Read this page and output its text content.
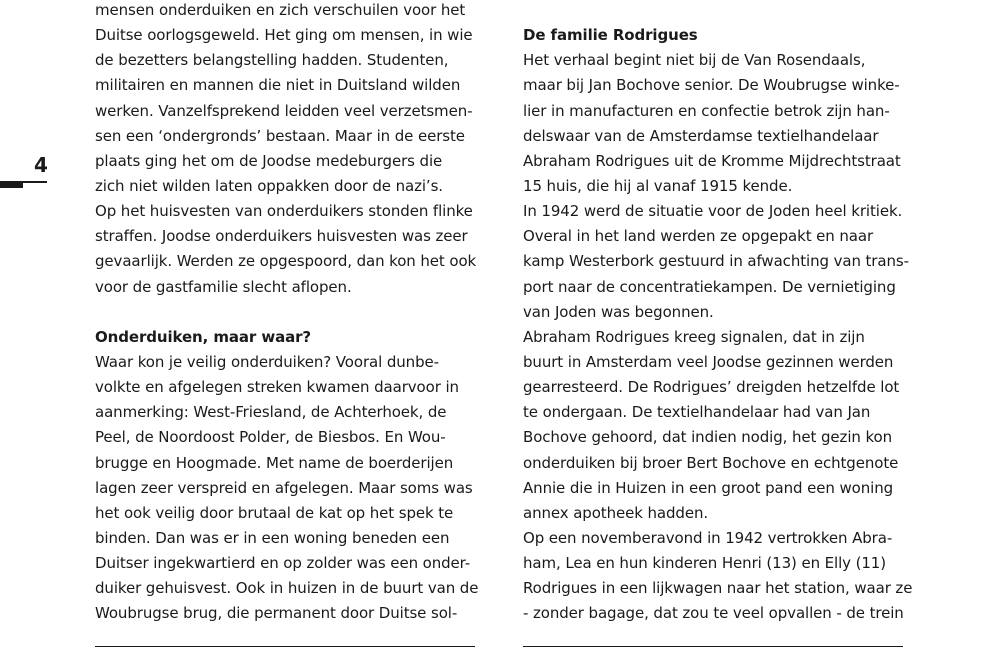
4
mensen onderduiken en zich verschuilen voor het
Duitse oorlogsgeweld. Het ging om mensen, in wie
de bezetters belangstelling hadden. Studenten,
militairen en mannen die niet in Duitsland wilden
werken. Vanzelfsprekend leidden veel verzetsmen-
sen een ‘ondergronds’ bestaan. Maar in de eerste
plaats ging het om de Joodse medeburgers die
zich niet wilden laten oppakken door de nazi’s.
Op het huisvesten van onderduikers stonden flinke
straffen. Joodse onderduikers huisvesten was zeer
gevaarlijk. Werden ze opgespoord, dan kon het ook
voor de gastfamilie slecht aflopen.
Onderduiken, maar waar?
Waar kon je veilig onderduiken? Vooral dunbe-
volkte en afgelegen streken kwamen daarvoor in
aanmerking: West-Friesland, de Achterhoek, de
Peel, de Noordoost Polder, de Biesbos. En Wou-
brugge en Hoogmade. Met name de boerderijen
lagen zeer verspreid en afgelegen. Maar soms was
het ook veilig door brutaal de kat op het spek te
binden. Dan was er in een woning beneden een
Duitser ingekwartierd en op zolder was een onder-
duiker gehuisvest. Ook in huizen in de buurt van de
Woubrugse brug, die permanent door Duitse sol-
De familie Rodrigues
Het verhaal begint niet bij de Van Rosendaals,
maar bij Jan Bochove senior. De Woubrugse winke-
lier in manufacturen en confectie betrok zijn han-
delswaar van de Amsterdamse textielhandelaar
Abraham Rodrigues uit de Kromme Mijdrechtstraat
15 huis, die hij al vanaf 1915 kende.
In 1942 werd de situatie voor de Joden heel kritiek.
Overal in het land werden ze opgepakt en naar
kamp Westerbork gestuurd in afwachting van trans-
port naar de concentratiekampen. De vernietiging
van Joden was begonnen.
Abraham Rodrigues kreeg signalen, dat in zijn
buurt in Amsterdam veel Joodse gezinnen werden
gearresteerd. De Rodrigues’ dreigden hetzelfde lot
te ondergaan. De textielhandelaar had van Jan
Bochove gehoord, dat indien nodig, het gezin kon
onderduiken bij broer Bert Bochove en echtgenote
Annie die in Huizen in een groot pand een woning
annex apotheek hadden.
Op een novemberavond in 1942 vertrokken Abra-
ham, Lea en hun kinderen Henri (13) en Elly (11)
Rodrigues in een lijkwagen naar het station, waar ze
- zonder bagage, dat zou te veel opvallen - de trein
